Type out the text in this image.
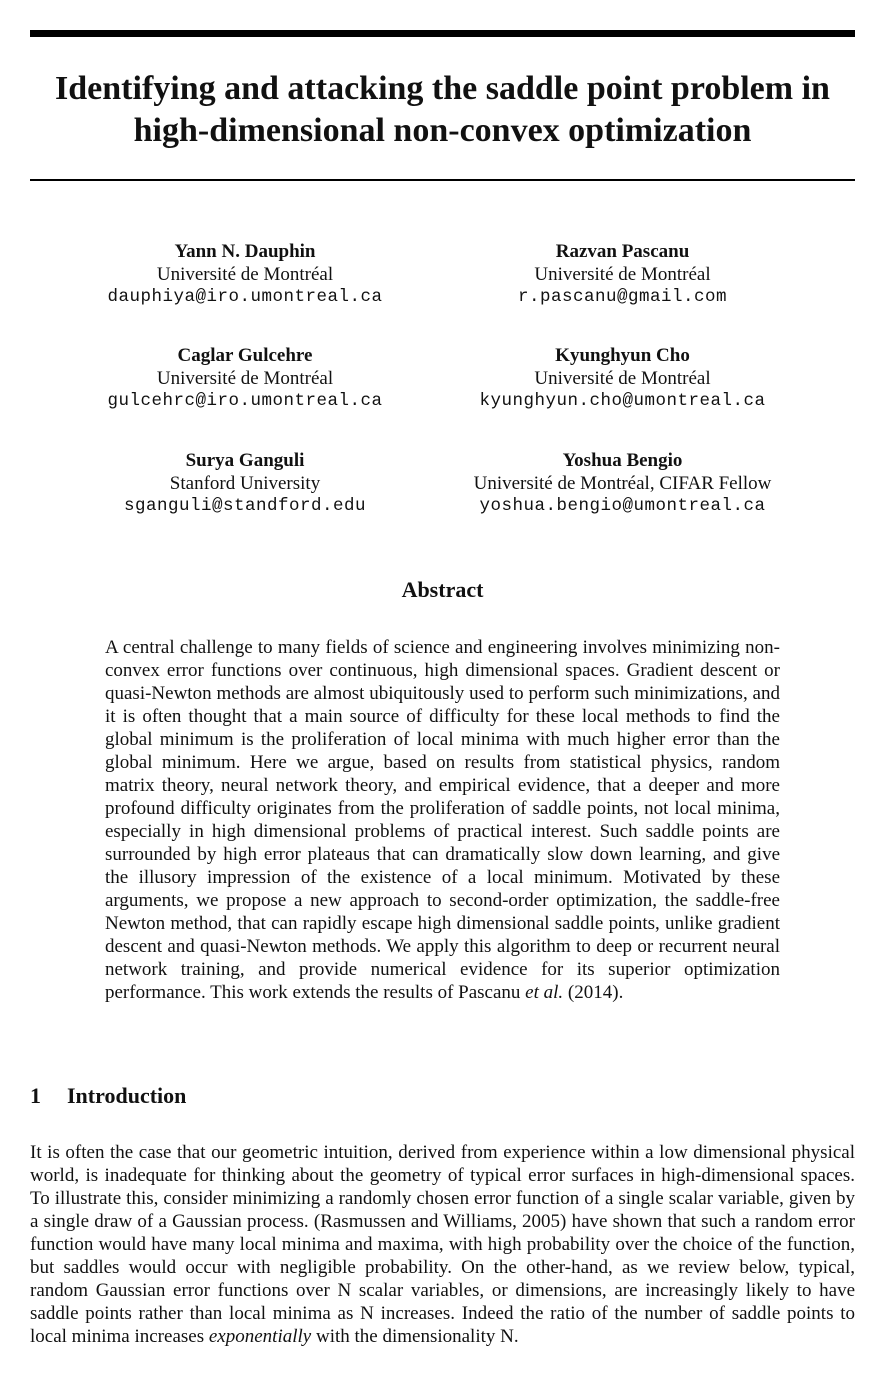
Identifying and attacking the saddle point problem in high-dimensional non-convex optimization
Yann N. Dauphin
Université de Montréal
dauphiya@iro.umontreal.ca
Razvan Pascanu
Université de Montréal
r.pascanu@gmail.com
Caglar Gulcehre
Université de Montréal
gulcehrc@iro.umontreal.ca
Kyunghyun Cho
Université de Montréal
kyunghyun.cho@umontreal.ca
Surya Ganguli
Stanford University
sganguli@standford.edu
Yoshua Bengio
Université de Montréal, CIFAR Fellow
yoshua.bengio@umontreal.ca
Abstract
A central challenge to many fields of science and engineering involves minimizing non-convex error functions over continuous, high dimensional spaces. Gradient descent or quasi-Newton methods are almost ubiquitously used to perform such minimizations, and it is often thought that a main source of difficulty for these local methods to find the global minimum is the proliferation of local minima with much higher error than the global minimum. Here we argue, based on results from statistical physics, random matrix theory, neural network theory, and empirical evidence, that a deeper and more profound difficulty originates from the proliferation of saddle points, not local minima, especially in high dimensional problems of practical interest. Such saddle points are surrounded by high error plateaus that can dramatically slow down learning, and give the illusory impression of the existence of a local minimum. Motivated by these arguments, we propose a new approach to second-order optimization, the saddle-free Newton method, that can rapidly escape high dimensional saddle points, unlike gradient descent and quasi-Newton methods. We apply this algorithm to deep or recurrent neural network training, and provide numerical evidence for its superior optimization performance. This work extends the results of Pascanu et al. (2014).
1 Introduction
It is often the case that our geometric intuition, derived from experience within a low dimensional physical world, is inadequate for thinking about the geometry of typical error surfaces in high-dimensional spaces. To illustrate this, consider minimizing a randomly chosen error function of a single scalar variable, given by a single draw of a Gaussian process. (Rasmussen and Williams, 2005) have shown that such a random error function would have many local minima and maxima, with high probability over the choice of the function, but saddles would occur with negligible probability. On the other-hand, as we review below, typical, random Gaussian error functions over N scalar variables, or dimensions, are increasingly likely to have saddle points rather than local minima as N increases. Indeed the ratio of the number of saddle points to local minima increases exponentially with the dimensionality N.
